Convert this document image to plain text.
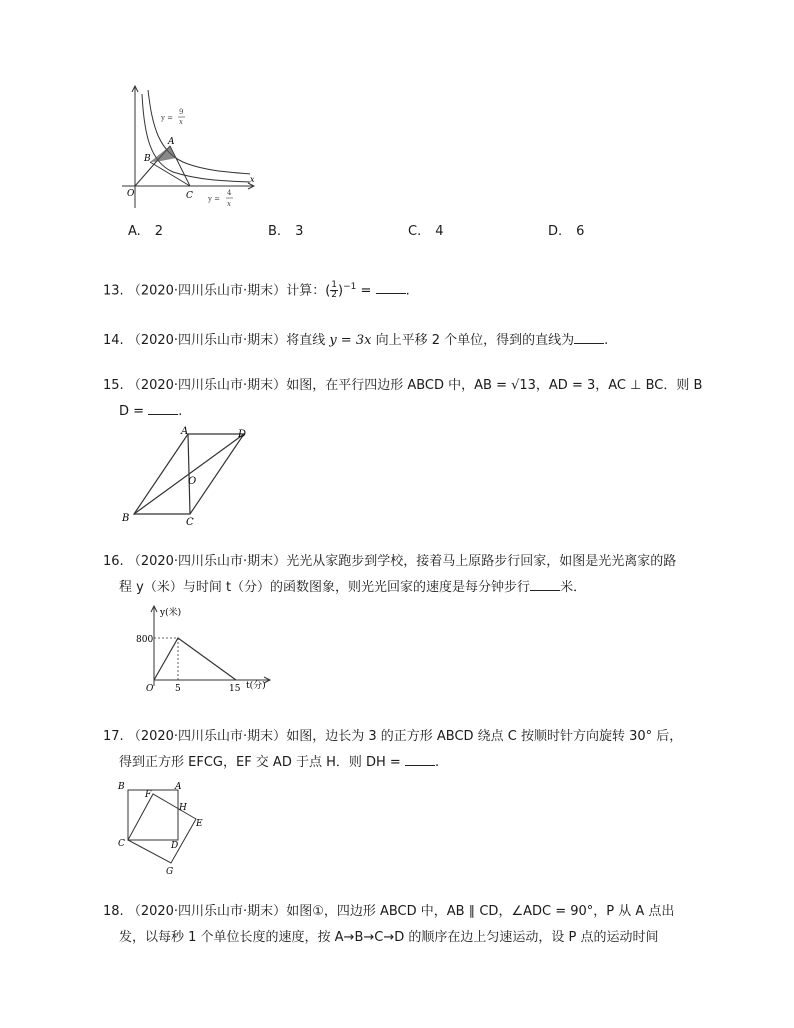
y =
9
x
y =
4
x
A
B
C
O
x
A. 2	B. 3	C. 4	D. 6
13. （2020·四川乐山市·期末）计算：( $\frac{1}{2} )^{-1}$ =	.
14. （2020·四川乐山市·期末）将直线 y = 3x 向上平移 2 个单位，得到的直线为 .
15. （2020·四川乐山市·期末）如图，在平行四边形 ABCD 中，AB = √13，AD = 3，AC ⊥ BC．则 B
D =	.
A	D
O
B	C
16. （2020·四川乐山市·期末）光光从家跑步到学校，接着马上原路步行回家，如图是光光离家的路
程 y（米）与时间 t（分）的函数图象，则光光回家的速度是每分钟步行 米．
y(米)
800
O 5	15 t(分)
17. （2020·四川乐山市·期末）如图，边长为 3 的正方形 ABCD 绕点 C 按顺时针方向旋转 30° 后，
得到正方形 EFCG，EF 交 AD 于点 H．则 DH =	.
B
F
A
H
E
C	D
G
18. （2020·四川乐山市·期末）如图①，四边形 ABCD 中，AB ∥ CD，∠ADC = 90°，P 从 A 点出
发，以每秒 1 个单位长度的速度，按 A→B→C→D 的顺序在边上匀速运动，设 P 点的运动时间
